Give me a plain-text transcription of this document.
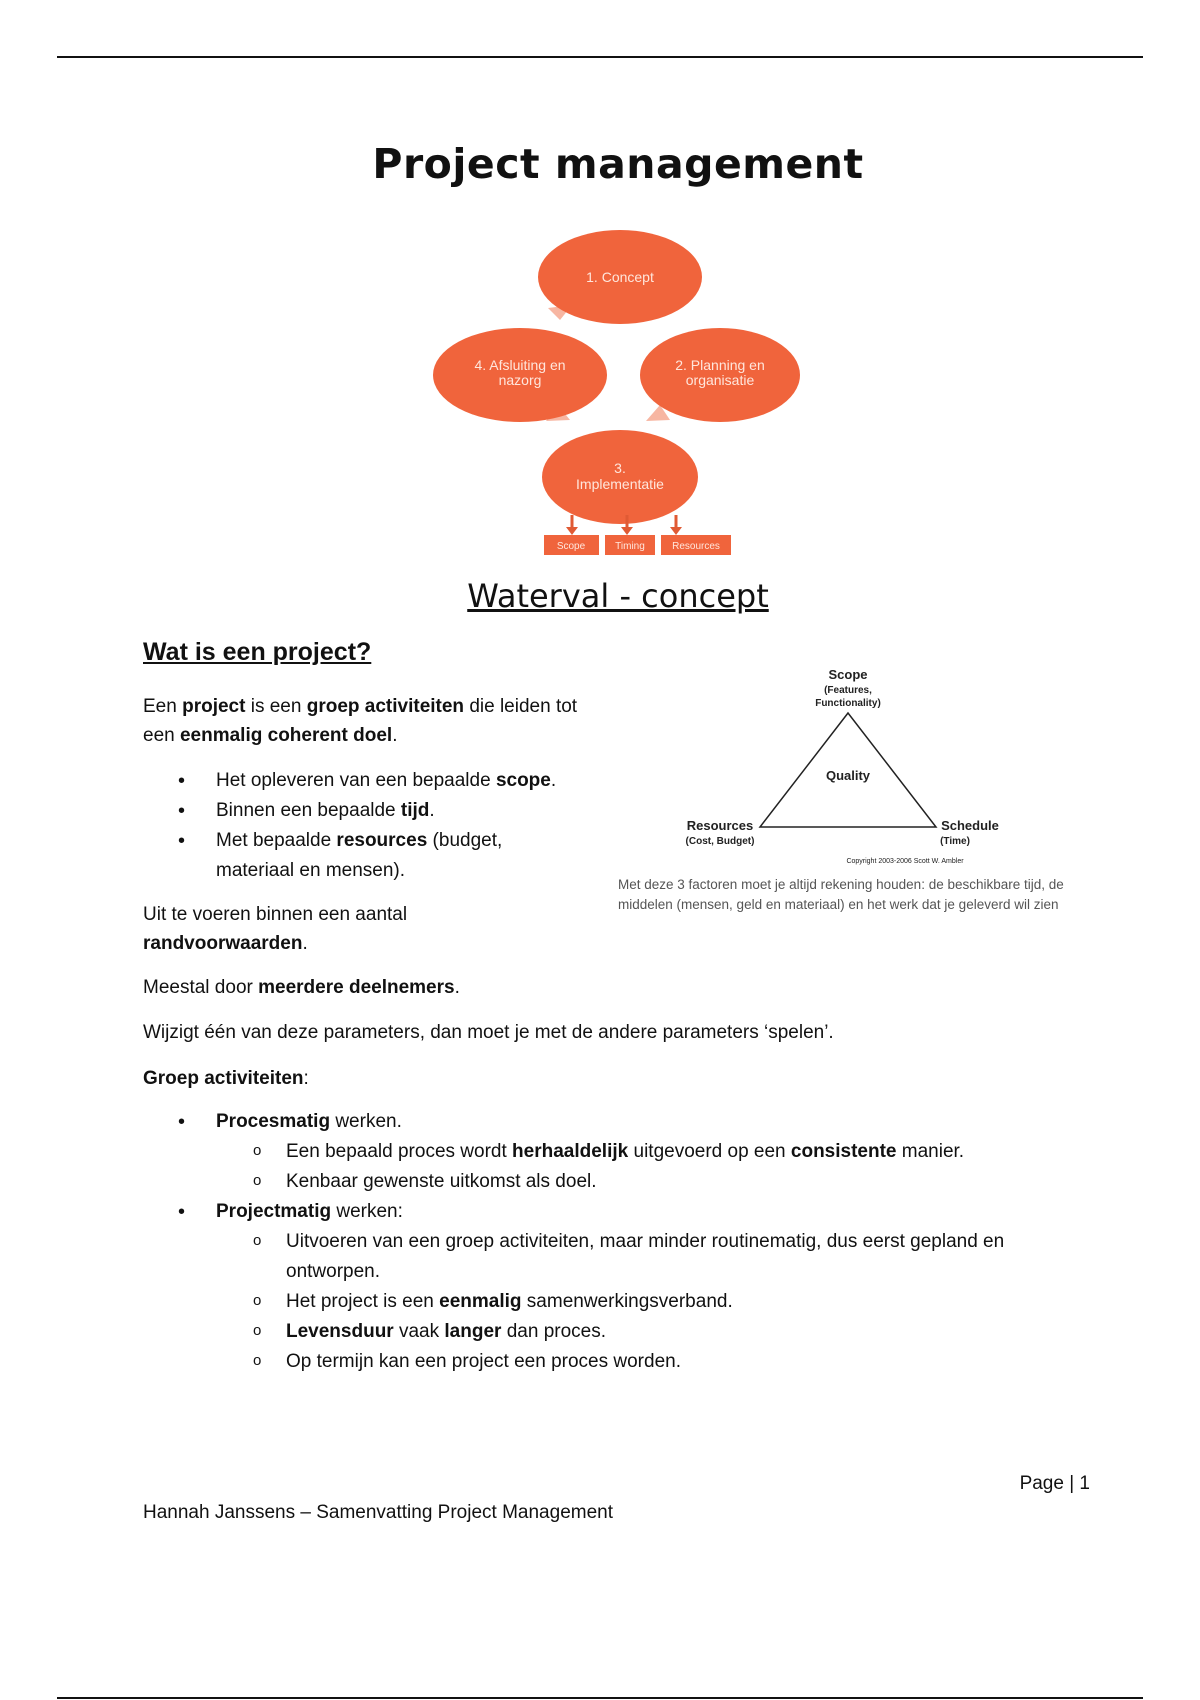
Project management
1. Concept
2. Planning en
organisatie
3.
Implementatie
4. Afsluiting en
nazorg
Scope	Timing	Resources
Waterval - concept
Wat is een project?
Een project is een groep activiteiten die leiden tot een eenmalig coherent doel.
• Het opleveren van een bepaalde scope.
• Binnen een bepaalde tijd.
• Met bepaalde resources (budget, materiaal en mensen).
Uit te voeren binnen een aantal randvoorwaarden.
Meestal door meerdere deelnemers.
Wijzigt één van deze parameters, dan moet je met de andere parameters ‘spelen’.
Groep activiteiten:
Scope
(Features,
Functionality)
Quality
Resources
(Cost, Budget)
Schedule
(Time)
Copyright 2003-2006 Scott W. Ambler
Met deze 3 factoren moet je altijd rekening houden: de beschikbare tijd, de middelen (mensen, geld en materiaal) en het werk dat je geleverd wil zien
• Procesmatig werken.
o Een bepaald proces wordt herhaaldelijk uitgevoerd op een consistente manier.
o Kenbaar gewenste uitkomst als doel.
• Projectmatig werken:
o Uitvoeren van een groep activiteiten, maar minder routinematig, dus eerst gepland en ontworpen.
o Het project is een eenmalig samenwerkingsverband.
o Levensduur vaak langer dan proces.
o Op termijn kan een project een proces worden.
Page | 1
Hannah Janssens – Samenvatting Project Management
